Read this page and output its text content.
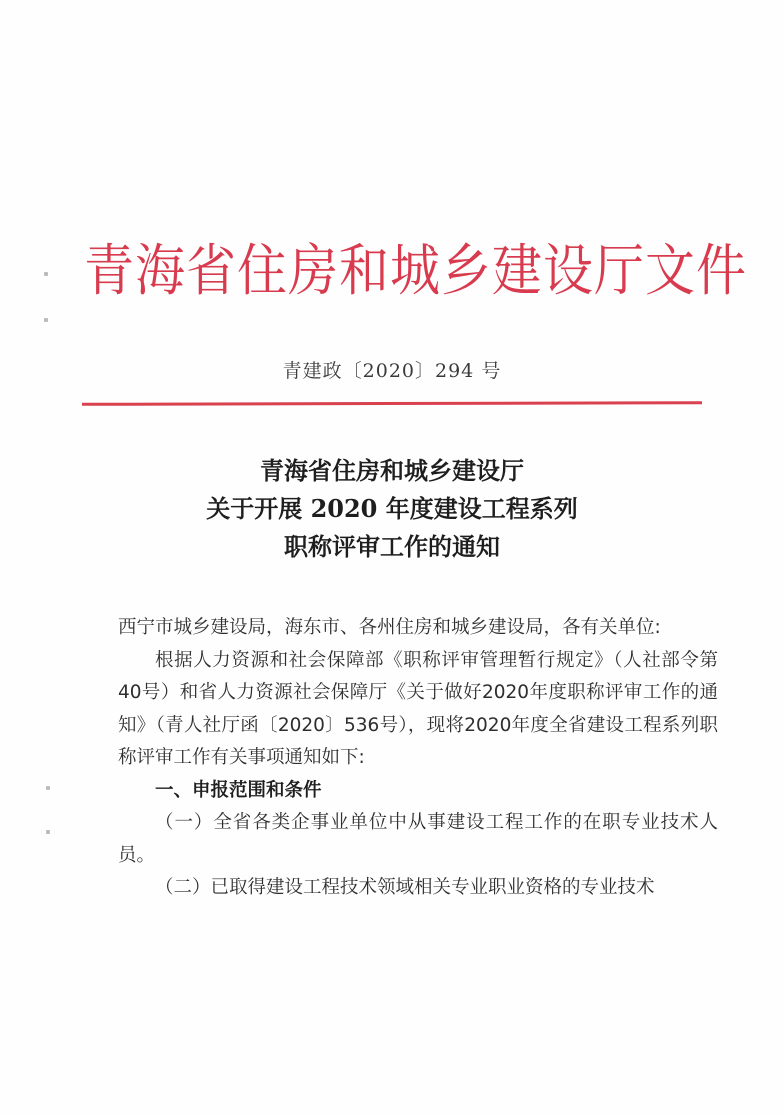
青海省住房和城乡建设厅文件
青建政〔2020〕294 号
青海省住房和城乡建设厅
关于开展 2020 年度建设工程系列
职称评审工作的通知

西宁市城乡建设局，海东市、各州住房和城乡建设局，各有关单位:

根据人力资源和社会保障部《职称评审管理暂行规定》（人社部令第40号）和省人力资源社会保障厅《关于做好2020年度职称评审工作的通知》（青人社厅函〔2020〕536号），现将2020年度全省建设工程系列职称评审工作有关事项通知如下:

一、申报范围和条件

（一）全省各类企事业单位中从事建设工程工作的在职专业技术人员。

（二）已取得建设工程技术领域相关专业职业资格的专业技术
